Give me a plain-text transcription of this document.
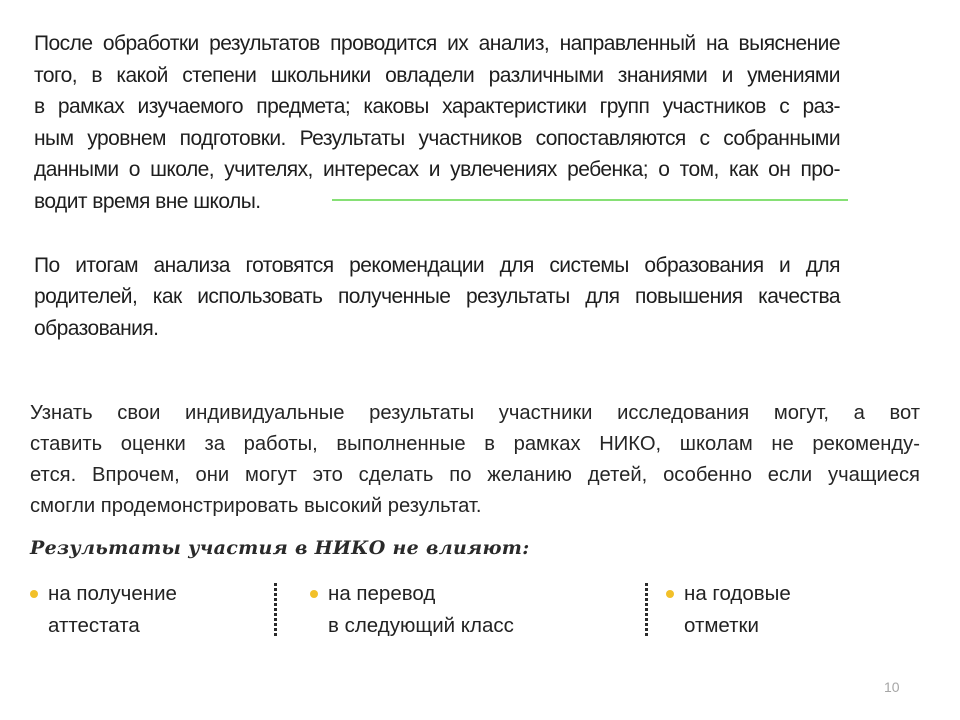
После обработки результатов проводится их анализ, направленный на выяснение
того, в какой степени школьники овладели различными знаниями и умениями
в рамках изучаемого предмета; каковы характеристики групп участников с раз-
ным уровнем подготовки. Результаты участников сопоставляются с собранными
данными о школе, учителях, интересах и увлечениях ребенка; о том, как он про-
водит время вне школы.

По итогам анализа готовятся рекомендации для системы образования и для
родителей, как использовать полученные результаты для повышения качества
образования.

Узнать свои индивидуальные результаты участники исследования могут, а вот
ставить оценки за работы, выполненные в рамках НИКО, школам не рекоменду-
ется. Впрочем, они могут это сделать по желанию детей, особенно если учащиеся
смогли продемонстрировать высокий результат.
Результаты участия в НИКО не влияют:
на получение
аттестата
на перевод
в следующий класс
на годовые
отметки
10
